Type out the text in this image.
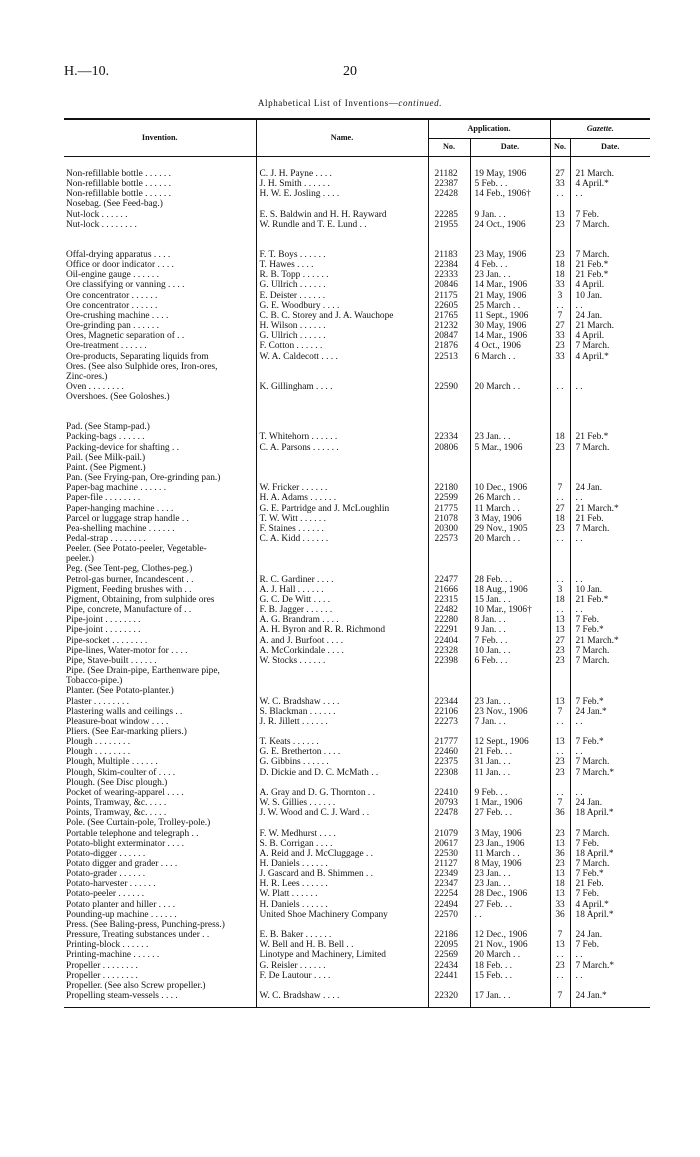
H.—10.	20
Alphabetical List of Inventions—continued.
Invention.	Name.	Application.		Gazette.	
		No.	Date.	No.	Date.

Non-refillable bottle . . . . . .	C. J. H. Payne . . . .	21182	19 May, 1906	27	21 March.
Non-refillable bottle . . . . . .	J. H. Smith . . . . . .	22387	5 Feb. . .	33	4 April.*
Non-refillable bottle . . . . . .	H. W. E. Josling . . . .	22428	14 Feb., 1906†	. .	. .
Nosebag. (See Feed-bag.)					
Nut-lock . . . . . .	E. S. Baldwin and H. H. Rayward	22285	9 Jan. . .	13	7 Feb.
Nut-lock . . . . . . . .	W. Rundle and T. E. Lund . .	21955	24 Oct., 1906	23	7 March.

Offal-drying apparatus . . . .	F. T. Boys . . . . . .	21183	23 May, 1906	23	7 March.
Office or door indicator . . . .	T. Hawes . . . .	22384	4 Feb. . .	18	21 Feb.*
Oil-engine gauge . . . . . .	R. B. Topp . . . . . .	22333	23 Jan. . .	18	21 Feb.*
Ore classifying or vanning . . . .	G. Ullrich . . . . . .	20846	14 Mar., 1906	33	4 April.
Ore concentrator . . . . . .	E. Deister . . . . . .	21175	21 May, 1906	3	10 Jan.
Ore concentrator . . . . . .	G. E. Woodbury . . . .	22605	25 March . .	. .	. .
Ore-crushing machine . . . .	C. B. C. Storey and J. A. Wauchope	21765	11 Sept., 1906	7	24 Jan.
Ore-grinding pan . . . . . .	H. Wilson . . . . . .	21232	30 May, 1906	27	21 March.
Ores, Magnetic separation of . .	G. Ullrich . . . . . .	20847	14 Mar., 1906	33	4 April.
Ore-treatment . . . . . .	F. Cotton . . . . . .	21876	4 Oct., 1906	23	7 March.
Ore-products, Separating liquids from	W. A. Caldecott . . . .	22513	6 March . .	33	4 April.*
Ores. (See also Sulphide ores, Iron-ores,					
Zinc-ores.)					
Oven . . . . . . . .	K. Gillingham . . . .	22590	20 March . .	. .	. .
Overshoes. (See Goloshes.)					

Pad. (See Stamp-pad.)					
Packing-bags . . . . . .	T. Whitehorn . . . . . .	22334	23 Jan. . .	18	21 Feb.*
Packing-device for shafting . .	C. A. Parsons . . . . . .	20806	5 Mar., 1906	23	7 March.
Pail. (See Milk-pail.)					
Paint. (See Pigment.)					
Pan. (See Frying-pan, Ore-grinding pan.)					
Paper-bag machine . . . . . .	W. Fricker . . . . . .	22180	10 Dec., 1906	7	24 Jan.
Paper-file . . . . . . . .	H. A. Adams . . . . . .	22599	26 March . .	. .	. .
Paper-hanging machine . . . .	G. E. Partridge and J. McLoughlin	21775	11 March . .	27	21 March.*
Parcel or luggage strap handle . .	T. W. Witt . . . . . .	21078	3 May, 1906	18	21 Feb.
Pea-shelling machine . . . . . .	F. Staines . . . . . .	20300	29 Nov., 1905	23	7 March.
Pedal-strap . . . . . . . .	C. A. Kidd . . . . . .	22573	20 March . .	. .	. .
Peeler. (See Potato-peeler, Vegetable-					
peeler.)					
Peg. (See Tent-peg, Clothes-peg.)					
Petrol-gas burner, Incandescent . .	R. C. Gardiner . . . .	22477	28 Feb. . .	. .	. .
Pigment, Feeding brushes with . .	A. J. Hall . . . . . .	21666	18 Aug., 1906	3	10 Jan.
Pigment, Obtaining, from sulphide ores	G. C. De Witt . . . .	22315	15 Jan. . .	18	21 Feb.*
Pipe, concrete, Manufacture of . .	F. B. Jagger . . . . . .	22482	10 Mar., 1906†	. .	. .
Pipe-joint . . . . . . . .	A. G. Brandram . . . .	22280	8 Jan. . .	13	7 Feb.
Pipe-joint . . . . . . . .	A. H. Byron and R. R. Richmond	22291	9 Jan. . .	13	7 Feb.*
Pipe-socket . . . . . . . .	A. and J. Burfoot . . . .	22404	7 Feb. . .	27	21 March.*
Pipe-lines, Water-motor for . . . .	A. McCorkindale . . . .	22328	10 Jan. . .	23	7 March.
Pipe, Stave-built . . . . . .	W. Stocks . . . . . .	22398	6 Feb. . .	23	7 March.
Pipe. (See Drain-pipe, Earthenware pipe,					
Tobacco-pipe.)					
Planter. (See Potato-planter.)					
Plaster . . . . . . . .	W. C. Bradshaw . . . .	22344	23 Jan. . .	13	7 Feb.*
Plastering walls and ceilings . .	S. Blackman . . . . . .	22106	23 Nov., 1906	7	24 Jan.*
Pleasure-boat window . . . .	J. R. Jillett . . . . . .	22273	7 Jan. . .	. .	. .
Pliers. (See Ear-marking pliers.)					
Plough . . . . . . . .	T. Keats . . . . . .	21777	12 Sept., 1906	13	7 Feb.*
Plough . . . . . . . .	G. E. Bretherton . . . .	22460	21 Feb. . .	. .	. .
Plough, Multiple . . . . . .	G. Gibbins . . . . . .	22375	31 Jan. . .	23	7 March.
Plough, Skim-coulter of . . . .	D. Dickie and D. C. McMath . .	22308	11 Jan. . .	23	7 March.*
Plough. (See Disc plough.)					
Pocket of wearing-apparel . . . .	A. Gray and D. G. Thornton . .	22410	9 Feb. . .	. .	. .
Points, Tramway, &c. . . . .	W. S. Gillies . . . . . .	20793	1 Mar., 1906	7	24 Jan.
Points, Tramway, &c. . . . .	J. W. Wood and C. J. Ward . .	22478	27 Feb. . .	36	18 April.*
Pole. (See Curtain-pole, Trolley-pole.)					
Portable telephone and telegraph . .	F. W. Medhurst . . . .	21079	3 May, 1906	23	7 March.
Potato-blight exterminator . . . .	S. B. Corrigan . . . .	20617	23 Jan., 1906	13	7 Feb.
Potato-digger . . . . . .	A. Reid and J. McCluggage . .	22530	11 March . .	36	18 April.*
Potato digger and grader . . . .	H. Daniels . . . . . .	21127	8 May, 1906	23	7 March.
Potato-grader . . . . . .	J. Gascard and B. Shimmen . .	22349	23 Jan. . .	13	7 Feb.*
Potato-harvester . . . . . .	H. R. Lees . . . . . .	22347	23 Jan. . .	18	21 Feb.
Potato-peeler . . . . . .	W. Platt . . . . . .	22254	28 Dec., 1906	13	7 Feb.
Potato planter and hiller . . . .	H. Daniels . . . . . .	22494	27 Feb. . .	33	4 April.*
Pounding-up machine . . . . . .	United Shoe Machinery Company	22570	. .	36	18 April.*
Press. (See Baling-press, Punching-press.)					
Pressure, Treating substances under . .	E. B. Baker . . . . . .	22186	12 Dec., 1906	7	24 Jan.
Printing-block . . . . . .	W. Bell and H. B. Bell . .	22095	21 Nov., 1906	13	7 Feb.
Printing-machine . . . . . .	Linotype and Machinery, Limited	22569	20 March . .	. .	. .
Propeller . . . . . . . .	G. Reisler . . . . . .	22434	18 Feb. . .	23	7 March.*
Propeller . . . . . . . .	F. De Lautour . . . .	22441	15 Feb. . .	. .	. .
Propeller. (See also Screw propeller.)					
Propelling steam-vessels . . . .	W. C. Bradshaw . . . .	22320	17 Jan. . .	7	24 Jan.*
